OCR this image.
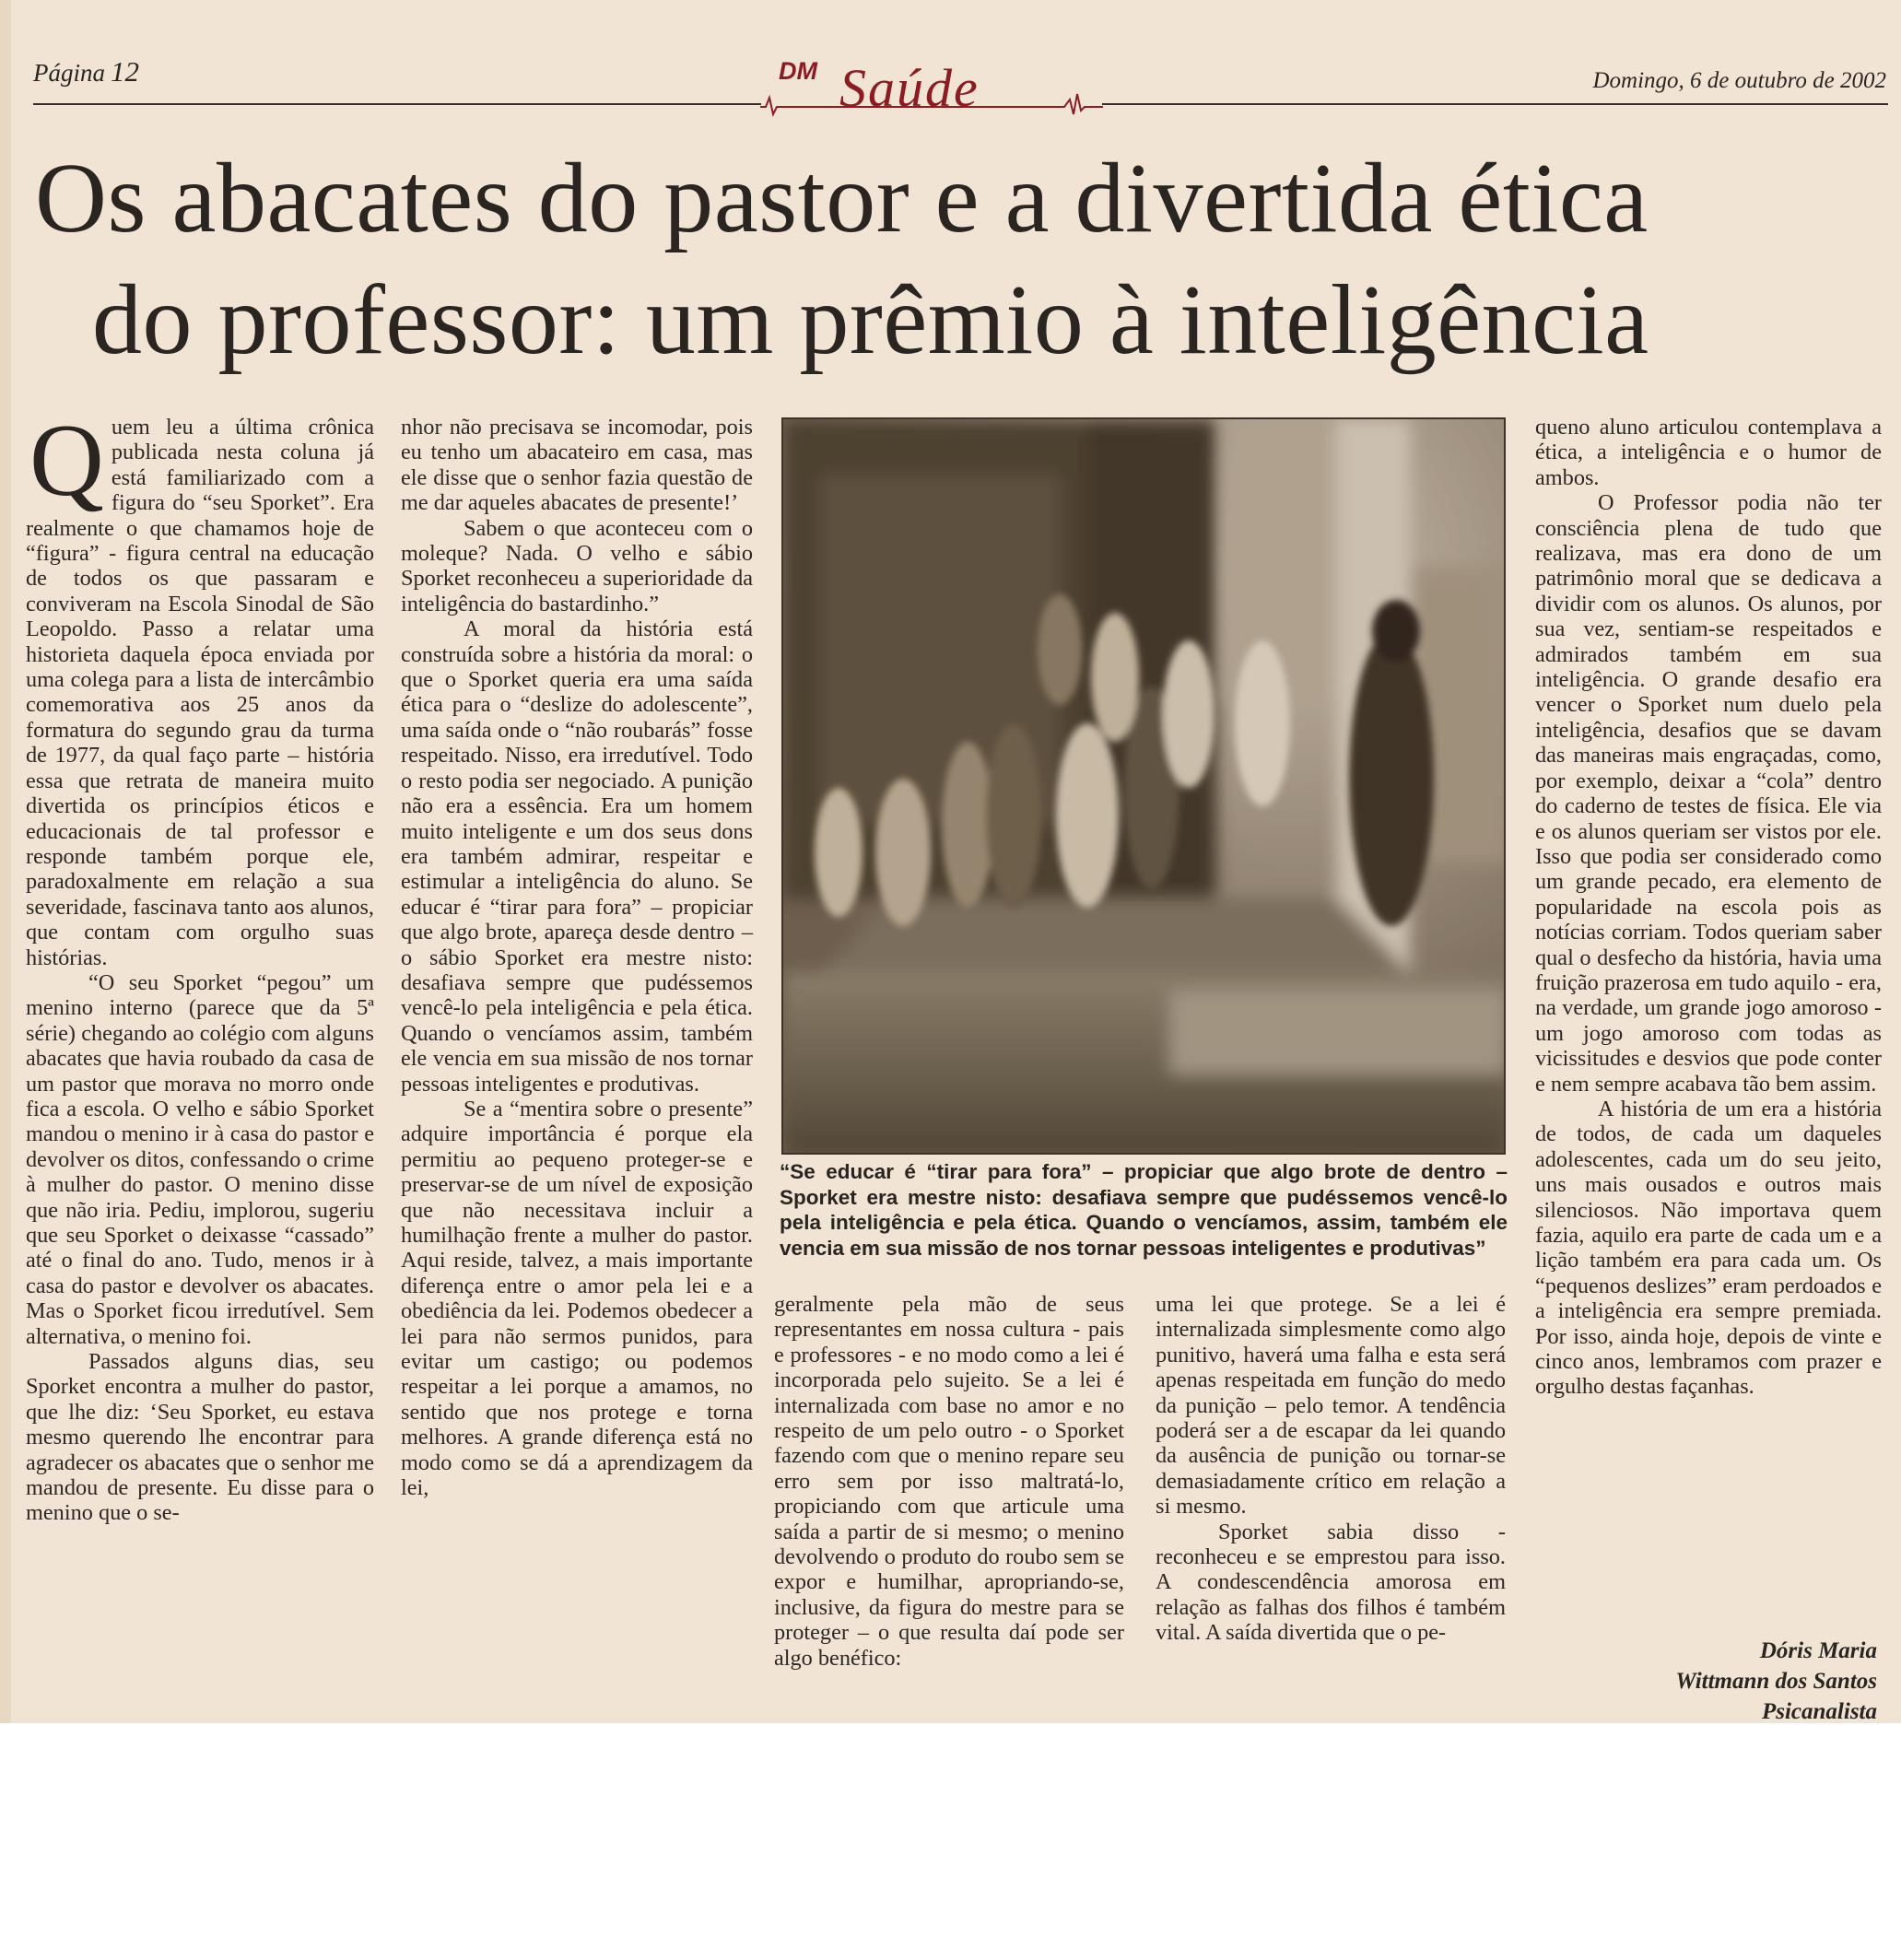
Página 12	DM Saúde	Domingo, 6 de outubro de 2002
Os abacates do pastor e a divertida ética
do professor: um prêmio à inteligência

Quem leu a última crônica publicada nesta coluna já está familiarizado com a figura do “seu Sporket”. Era realmente o que chamamos hoje de “figura” - figura central na educação de todos os que passaram e conviveram na Escola Sinodal de São Leopoldo. Passo a relatar uma historieta daquela época enviada por uma colega para a lista de intercâmbio comemorativa aos 25 anos da formatura do segundo grau da turma de 1977, da qual faço parte – história essa que retrata de maneira muito divertida os princípios éticos e educacionais de tal professor e responde também porque ele, paradoxalmente em relação a sua severidade, fascinava tanto aos alunos, que contam com orgulho suas histórias.

“O seu Sporket “pegou” um menino interno (parece que da 5ª série) chegando ao colégio com alguns abacates que havia roubado da casa de um pastor que morava no morro onde fica a escola. O velho e sábio Sporket mandou o menino ir à casa do pastor e devolver os ditos, confessando o crime à mulher do pastor. O menino disse que não iria. Pediu, implorou, sugeriu que seu Sporket o deixasse “cassado” até o final do ano. Tudo, menos ir à casa do pastor e devolver os abacates. Mas o Sporket ficou irredutível. Sem alternativa, o menino foi.

Passados alguns dias, seu Sporket encontra a mulher do pastor, que lhe diz: ‘Seu Sporket, eu estava mesmo querendo lhe encontrar para agradecer os abacates que o senhor me mandou de presente. Eu disse para o menino que o se-

nhor não precisava se incomodar, pois eu tenho um abacateiro em casa, mas ele disse que o senhor fazia questão de me dar aqueles abacates de presente!’

Sabem o que aconteceu com o moleque? Nada. O velho e sábio Sporket reconheceu a superioridade da inteligência do bastardinho.”

A moral da história está construída sobre a história da moral: o que o Sporket queria era uma saída ética para o “deslize do adolescente”, uma saída onde o “não roubarás” fosse respeitado. Nisso, era irredutível. Todo o resto podia ser negociado. A punição não era a essência. Era um homem muito inteligente e um dos seus dons era também admirar, respeitar e estimular a inteligência do aluno. Se educar é “tirar para fora” – propiciar que algo brote, apareça desde dentro – o sábio Sporket era mestre nisto: desafiava sempre que pudéssemos vencê-lo pela inteligência e pela ética. Quando o vencíamos assim, também ele vencia em sua missão de nos tornar pessoas inteligentes e produtivas.

Se a “mentira sobre o presente” adquire importância é porque ela permitiu ao pequeno proteger-se e preservar-se de um nível de exposição que não necessitava incluir a humilhação frente a mulher do pastor. Aqui reside, talvez, a mais importante diferença entre o amor pela lei e a obediência da lei. Podemos obedecer a lei para não sermos punidos, para evitar um castigo; ou podemos respeitar a lei porque a amamos, no sentido que nos protege e torna melhores. A grande diferença está no modo como se dá a aprendizagem da lei,

“Se educar é “tirar para fora” – propiciar que algo brote de dentro – Sporket era mestre nisto: desafiava sempre que pudéssemos vencê-lo pela inteligência e pela ética. Quando o vencíamos, assim, também ele vencia em sua missão de nos tornar pessoas inteligentes e produtivas”

geralmente pela mão de seus representantes em nossa cultura - pais e professores - e no modo como a lei é incorporada pelo sujeito. Se a lei é internalizada com base no amor e no respeito de um pelo outro - o Sporket fazendo com que o menino repare seu erro sem por isso maltratá-lo, propiciando com que articule uma saída a partir de si mesmo; o menino devolvendo o produto do roubo sem se expor e humilhar, apropriando-se, inclusive, da figura do mestre para se proteger – o que resulta daí pode ser algo benéfico:

uma lei que protege. Se a lei é internalizada simplesmente como algo punitivo, haverá uma falha e esta será apenas respeitada em função do medo da punição – pelo temor. A tendência poderá ser a de escapar da lei quando da ausência de punição ou tornar-se demasiadamente crítico em relação a si mesmo.

Sporket sabia disso - reconheceu e se emprestou para isso. A condescendência amorosa em relação as falhas dos filhos é também vital. A saída divertida que o pe-

queno aluno articulou contemplava a ética, a inteligência e o humor de ambos.

O Professor podia não ter consciência plena de tudo que realizava, mas era dono de um patrimônio moral que se dedicava a dividir com os alunos. Os alunos, por sua vez, sentiam-se respeitados e admirados também em sua inteligência. O grande desafio era vencer o Sporket num duelo pela inteligência, desafios que se davam das maneiras mais engraçadas, como, por exemplo, deixar a “cola” dentro do caderno de testes de física. Ele via e os alunos queriam ser vistos por ele. Isso que podia ser considerado como um grande pecado, era elemento de popularidade na escola pois as notícias corriam. Todos queriam saber qual o desfecho da história, havia uma fruição prazerosa em tudo aquilo - era, na verdade, um grande jogo amoroso - um jogo amoroso com todas as vicissitudes e desvios que pode conter e nem sempre acabava tão bem assim.

A história de um era a história de todos, de cada um daqueles adolescentes, cada um do seu jeito, uns mais ousados e outros mais silenciosos. Não importava quem fazia, aquilo era parte de cada um e a lição também era para cada um. Os “pequenos deslizes” eram perdoados e a inteligência era sempre premiada. Por isso, ainda hoje, depois de vinte e cinco anos, lembramos com prazer e orgulho destas façanhas.

Dóris Maria
Wittmann dos Santos
Psicanalista
